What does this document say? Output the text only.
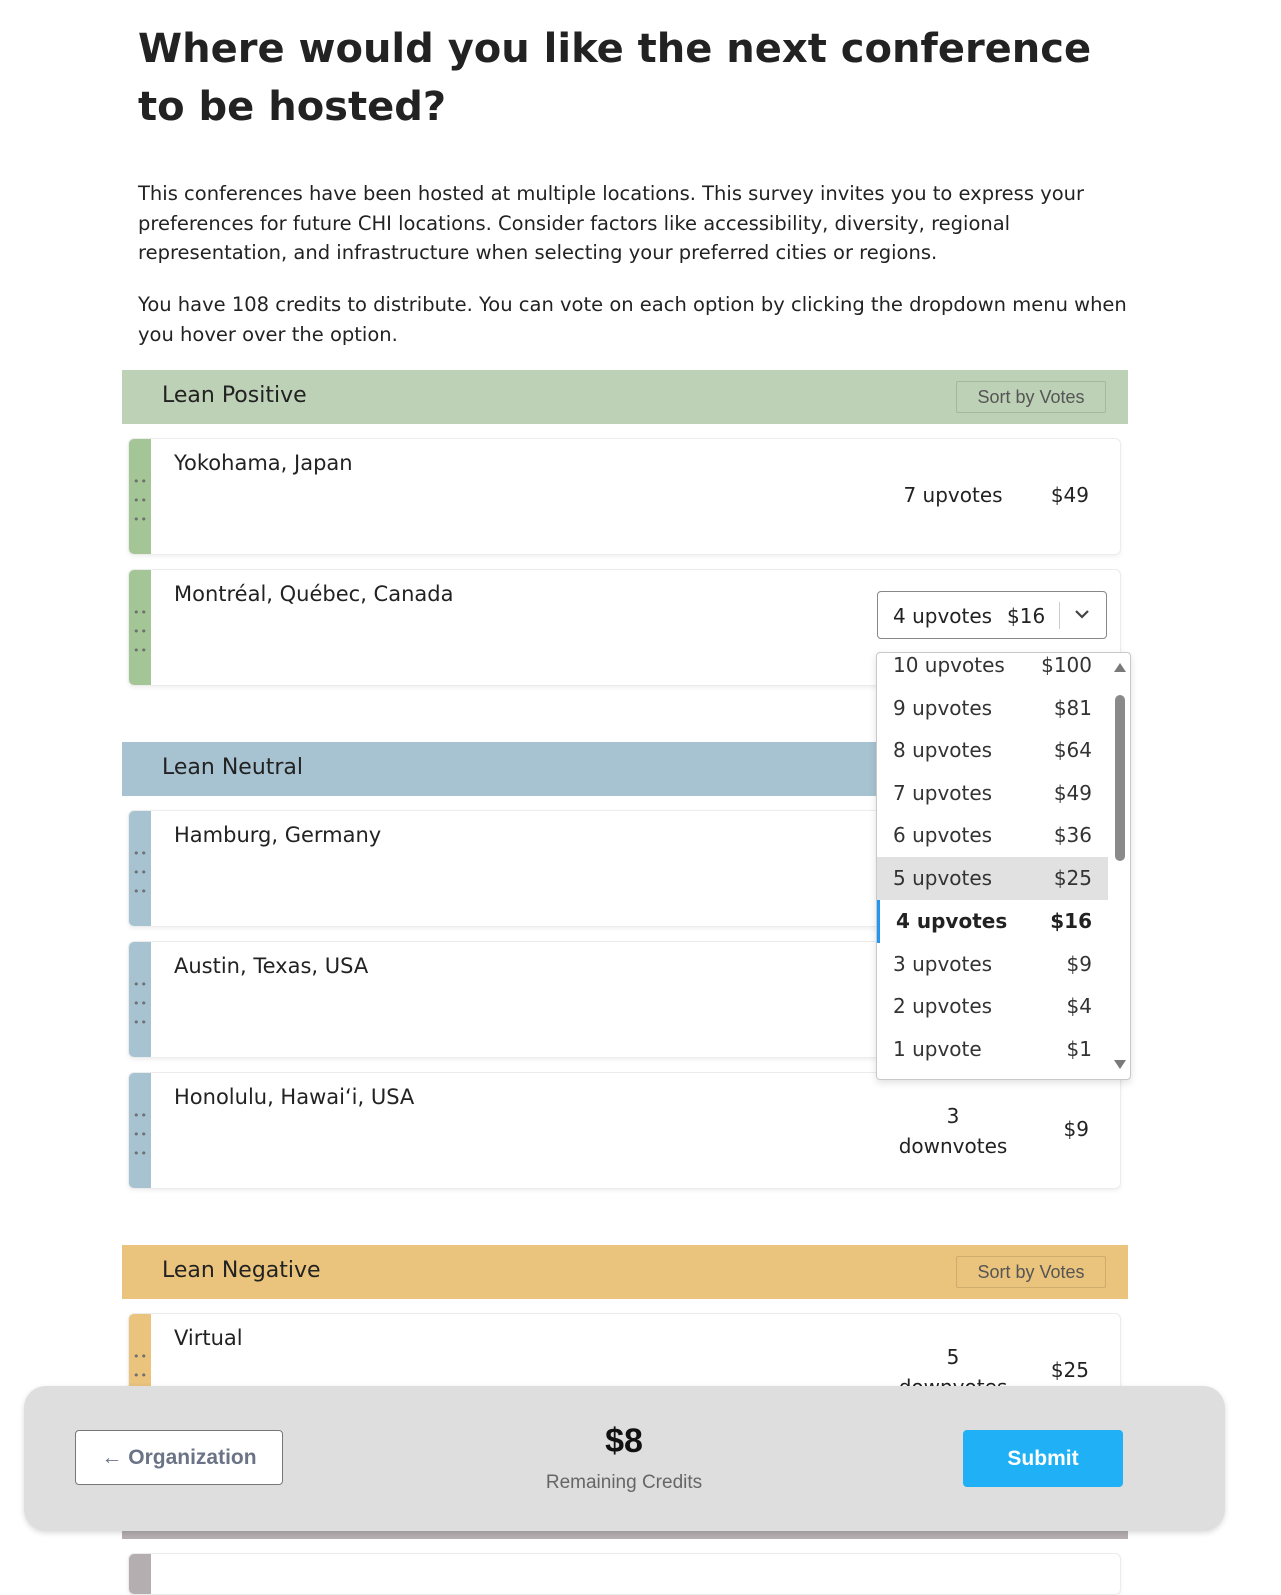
Where would you like the next conference to be hosted?

This conferences have been hosted at multiple locations. This survey invites you to express your preferences for future CHI locations. Consider factors like accessibility, diversity, regional representation, and infrastructure when selecting your preferred cities or regions.

You have 108 credits to distribute. You can vote on each option by clicking the dropdown menu when you hover over the option.

Lean Positive	Sort by Votes
••
••
••
Yokohama, Japan
7 upvotes	$49
••
••
••
Montréal, Québec, Canada
Lean Neutral
••
••
••
Hamburg, Germany
••
••
••
Austin, Texas, USA
••
••
••
Honolulu, Hawaiʻi, USA
3
downvotes
$9
Lean Negative	Sort by Votes
••
••
Virtual
5
$25
4 upvotes $16
10 upvotes $100
9 upvotes	$81
8 upvotes	$64
7 upvotes	$49
6 upvotes	$36
5 upvotes	$25
4 upvotes $16
3 upvotes	$9
2 upvotes	$4
1 upvote	$1
← Organization	$8
Remaining Credits
Submit
